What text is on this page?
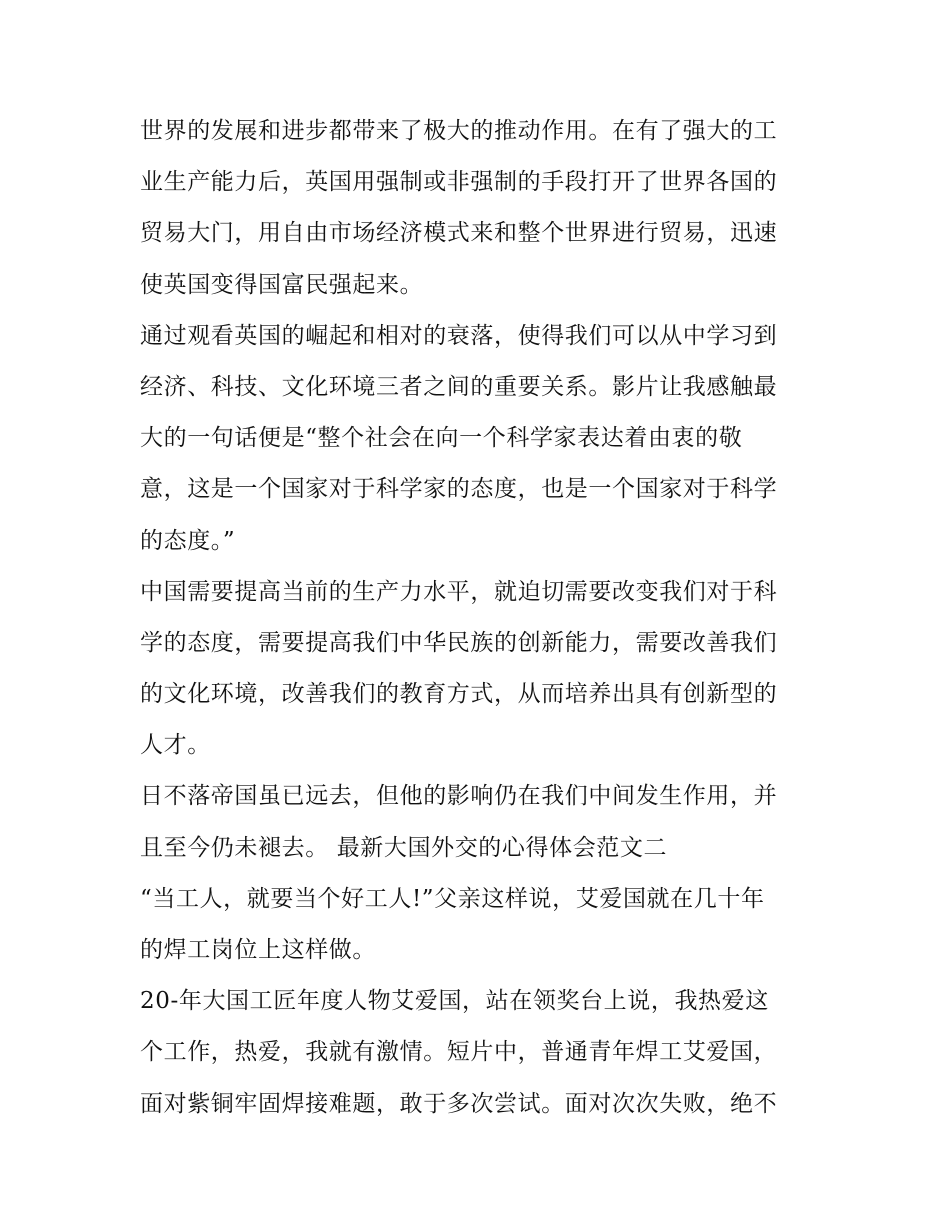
世界的发展和进步都带来了极大的推动作用。在有了强大的工
业生产能力后，英国用强制或非强制的手段打开了世界各国的
贸易大门，用自由市场经济模式来和整个世界进行贸易，迅速
使英国变得国富民强起来。
通过观看英国的崛起和相对的衰落，使得我们可以从中学习到
经济、科技、文化环境三者之间的重要关系。影片让我感触最
大的一句话便是“整个社会在向一个科学家表达着由衷的敬
意，这是一个国家对于科学家的态度，也是一个国家对于科学
的态度。”
中国需要提高当前的生产力水平，就迫切需要改变我们对于科
学的态度，需要提高我们中华民族的创新能力，需要改善我们
的文化环境，改善我们的教育方式，从而培养出具有创新型的
人才。
日不落帝国虽已远去，但他的影响仍在我们中间发生作用，并
且至今仍未褪去。 最新大国外交的心得体会范文二
“当工人，就要当个好工人!”父亲这样说，艾爱国就在几十年
的焊工岗位上这样做。
20-年大国工匠年度人物艾爱国，站在领奖台上说，我热爱这
个工作，热爱，我就有激情。短片中，普通青年焊工艾爱国，
面对紫铜牢固焊接难题，敢于多次尝试。面对次次失败，绝不
